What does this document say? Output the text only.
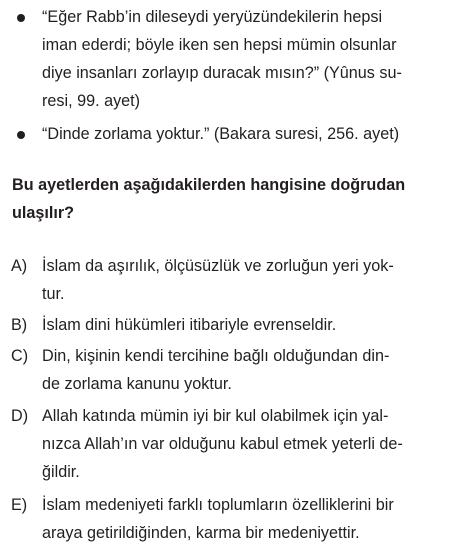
“Eğer Rabb’in dileseydi yeryüzündekilerin hepsi
iman ederdi; böyle iken sen hepsi mümin olsunlar
diye insanları zorlayıp duracak mısın?” (Yûnus su-
resi, 99. ayet)
“Dinde zorlama yoktur.” (Bakara suresi, 256. ayet)
Bu ayetlerden aşağıdakilerden hangisine doğrudan
ulaşılır?
A) İslam da aşırılık, ölçüsüzlük ve zorluğun yeri yok-
tur.
B) İslam dini hükümleri itibariyle evrenseldir.
C) Din, kişinin kendi tercihine bağlı olduğundan din-
de zorlama kanunu yoktur.
D) Allah katında mümin iyi bir kul olabilmek için yal-
nızca Allah’ın var olduğunu kabul etmek yeterli de-
ğildir.
E) İslam medeniyeti farklı toplumların özelliklerini bir
araya getirildiğinden, karma bir medeniyettir.
